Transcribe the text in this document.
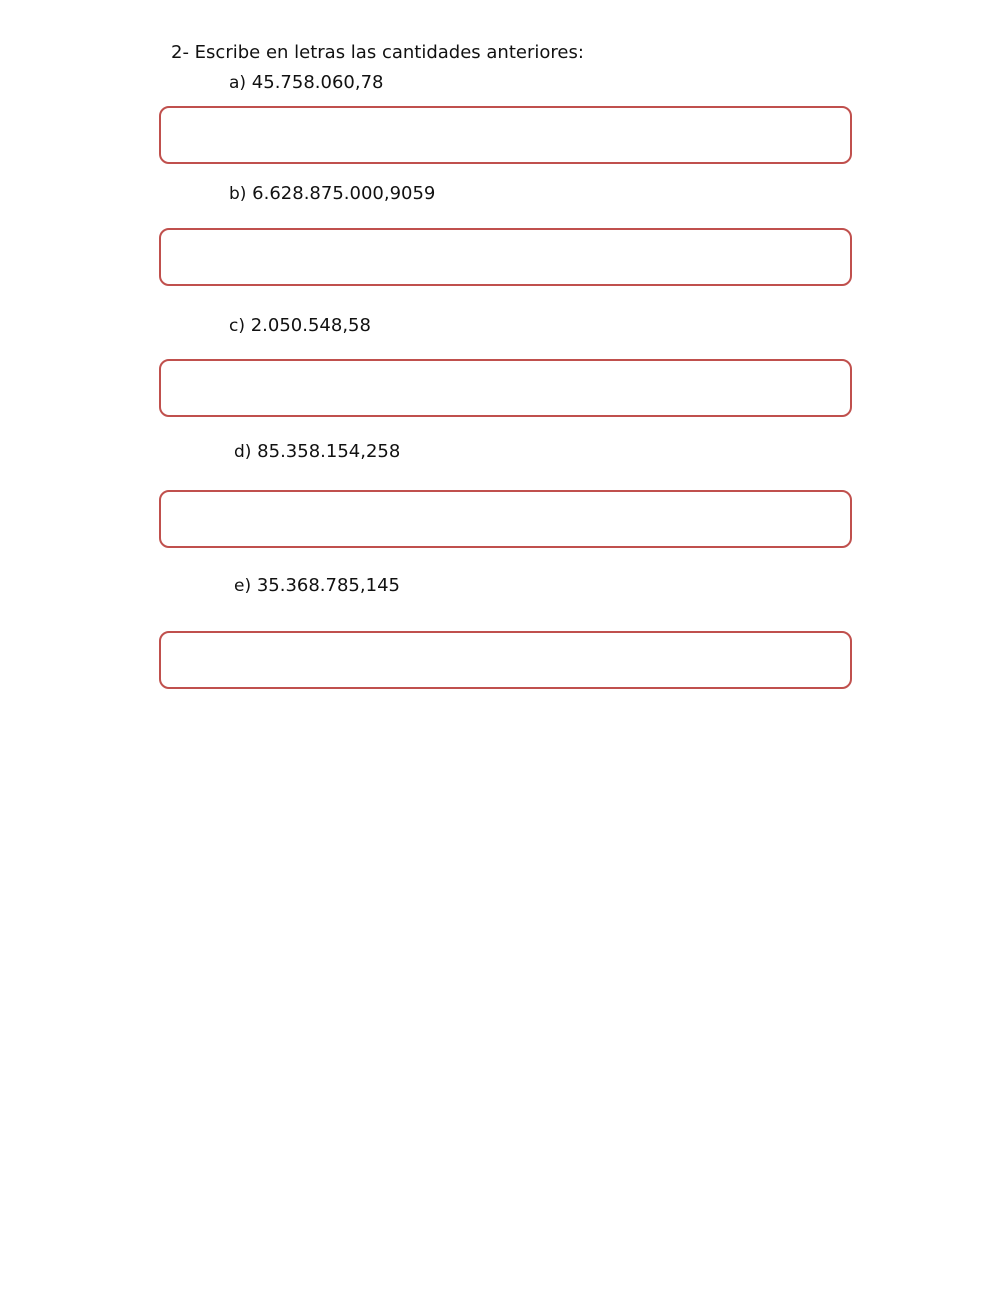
2- Escribe en letras las cantidades anteriores:
a) 45.758.060,78
b) 6.628.875.000,9059
c) 2.050.548,58
d) 85.358.154,258
e) 35.368.785,145
